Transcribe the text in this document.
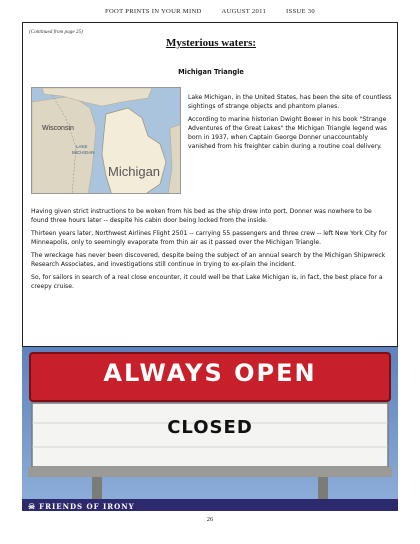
FOOT PRINTS IN YOUR MIND	AUGUST 2011	ISSUE 30
(Continued from page 25)
Mysterious waters:
Michigan Triangle
Wisconsin
LAKE
MICHIGAN
Michigan

Lake Michigan, in the United States, has been the site of countless sightings of strange objects and phantom planes.

According to marine historian Dwight Bower in his book "Strange Adventures of the Great Lakes" the Michigan Triangle legend was born in 1937, when Captain George Donner unaccountably vanished from his freighter cabin during a routine coal delivery.

Having given strict instructions to be woken from his bed as the ship drew into port, Donner was nowhere to be found three hours later -- despite his cabin door being locked from the inside.

Thirteen years later, Northwest Airlines Flight 2501 -- carrying 55 passengers and three crew -- left New York City for Minneapolis, only to seemingly evaporate from thin air as it passed over the Michigan Triangle.

The wreckage has never been discovered, despite being the subject of an annual search by the Michigan Shipwreck Research Associates, and investigations still continue in trying to ex-plain the incident.

So, for sailors in search of a real close encounter, it could well be that Lake Michigan is, in fact, the best place for a creepy cruise.

ALWAYS OPEN
CLOSED
☠ FRIENDS OF IRONY
26
